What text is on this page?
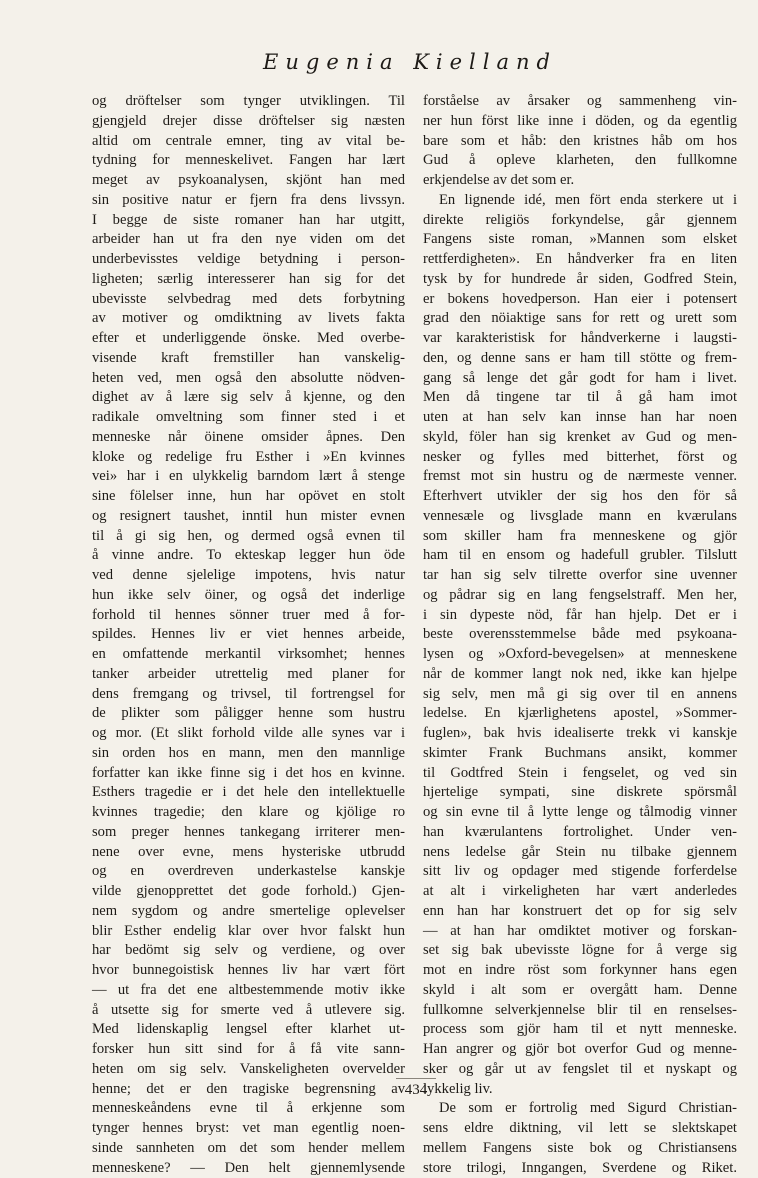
Eugenia Kielland
og dröftelser som tynger utviklingen. Til
gjengjeld drejer disse dröftelser sig næsten
altid om centrale emner, ting av vital be-
tydning for menneskelivet. Fangen har lært
meget av psykoanalysen, skjönt han med
sin positive natur er fjern fra dens livssyn.
I begge de siste romaner han har utgitt,
arbeider han ut fra den nye viden om det
underbevisstes veldige betydning i person-
ligheten; særlig interesserer han sig for det
ubevisste selvbedrag med dets forbytning
av motiver og omdiktning av livets fakta
efter et underliggende önske. Med overbe-
visende kraft fremstiller han vanskelig-
heten ved, men også den absolutte nödven-
dighet av å lære sig selv å kjenne, og den
radikale omveltning som finner sted i et
menneske når öinene omsider åpnes. Den
kloke og redelige fru Esther i »En kvinnes
vei» har i en ulykkelig barndom lært å stenge
sine fölelser inne, hun har opövet en stolt
og resignert taushet, inntil hun mister evnen
til å gi sig hen, og dermed også evnen til
å vinne andre. To ekteskap legger hun öde
ved denne sjelelige impotens, hvis natur
hun ikke selv öiner, og også det inderlige
forhold til hennes sönner truer med å for-
spildes. Hennes liv er viet hennes arbeide,
en omfattende merkantil virksomhet; hennes
tanker arbeider utrettelig med planer for
dens fremgang og trivsel, til fortrengsel for
de plikter som påligger henne som hustru
og mor. (Et slikt forhold vilde alle synes var i
sin orden hos en mann, men den mannlige
forfatter kan ikke finne sig i det hos en kvinne.
Esthers tragedie er i det hele den intellektuelle
kvinnes tragedie; den klare og kjölige ro
som preger hennes tankegang irriterer men-
nene over evne, mens hysteriske utbrudd
og en overdreven underkastelse kanskje
vilde gjenopprettet det gode forhold.) Gjen-
nem sygdom og andre smertelige oplevelser
blir Esther endelig klar over hvor falskt hun
har bedömt sig selv og verdiene, og over
hvor bunnegoistisk hennes liv har vært fört
— ut fra det ene altbestemmende motiv ikke
å utsette sig for smerte ved å utlevere sig.
Med lidenskaplig lengsel efter klarhet ut-
forsker hun sitt sind for å få vite sann-
heten om sig selv. Vanskeligheten overvelder
henne; det er den tragiske begrensning av
menneskeåndens evne til å erkjenne som
tynger hennes bryst: vet man egentlig noen-
sinde sannheten om det som hender mellem
menneskene? — Den helt gjennemlysende
forståelse av årsaker og sammenheng vin-
ner hun först like inne i döden, og da egentlig
bare som et håb: den kristnes håb om hos
Gud å opleve klarheten, den fullkomne
erkjendelse av det som er.
En lignende idé, men fört enda sterkere ut i
direkte religiös forkyndelse, går gjennem
Fangens siste roman, »Mannen som elsket
rettferdigheten». En håndverker fra en liten
tysk by for hundrede år siden, Godfred Stein,
er bokens hovedperson. Han eier i potensert
grad den nöiaktige sans for rett og urett som
var karakteristisk for håndverkerne i laugsti-
den, og denne sans er ham till stötte og frem-
gang så lenge det går godt for ham i livet.
Men då tingene tar til å gå ham imot
uten at han selv kan innse han har noen
skyld, föler han sig krenket av Gud og men-
nesker og fylles med bitterhet, först og
fremst mot sin hustru og de nærmeste venner.
Efterhvert utvikler der sig hos den för så
vennesæle og livsglade mann en kværulans
som skiller ham fra menneskene og gjör
ham til en ensom og hadefull grubler. Tilslutt
tar han sig selv tilrette overfor sine uvenner
og pådrar sig en lang fengselstraff. Men her,
i sin dypeste nöd, får han hjelp. Det er i
beste overensstemmelse både med psykoana-
lysen og »Oxford-bevegelsen» at menneskene
når de kommer langt nok ned, ikke kan hjelpe
sig selv, men må gi sig over til en annens
ledelse. En kjærlighetens apostel, »Sommer-
fuglen», bak hvis idealiserte trekk vi kanskje
skimter Frank Buchmans ansikt, kommer
til Godtfred Stein i fengselet, og ved sin
hjertelige sympati, sine diskrete spörsmål
og sin evne til å lytte lenge og tålmodig vinner
han kværulantens fortrolighet. Under ven-
nens ledelse går Stein nu tilbake gjennem
sitt liv og opdager med stigende forferdelse
at alt i virkeligheten har vært anderledes
enn han har konstruert det op for sig selv
— at han har omdiktet motiver og forskan-
set sig bak ubevisste lögne for å verge sig
mot en indre röst som forkynner hans egen
skyld i alt som er overgått ham. Denne
fullkomne selverkjennelse blir til en renselses-
process som gjör ham til et nytt menneske.
Han angrer og gjör bot overfor Gud og menne-
sker og går ut av fengslet til et nyskapt og
lykkelig liv.
De som er fortrolig med Sigurd Christian-
sens eldre diktning, vil lett se slektskapet
mellem Fangens siste bok og Christiansens
store trilogi, Inngangen, Sverdene og Riket.
434
